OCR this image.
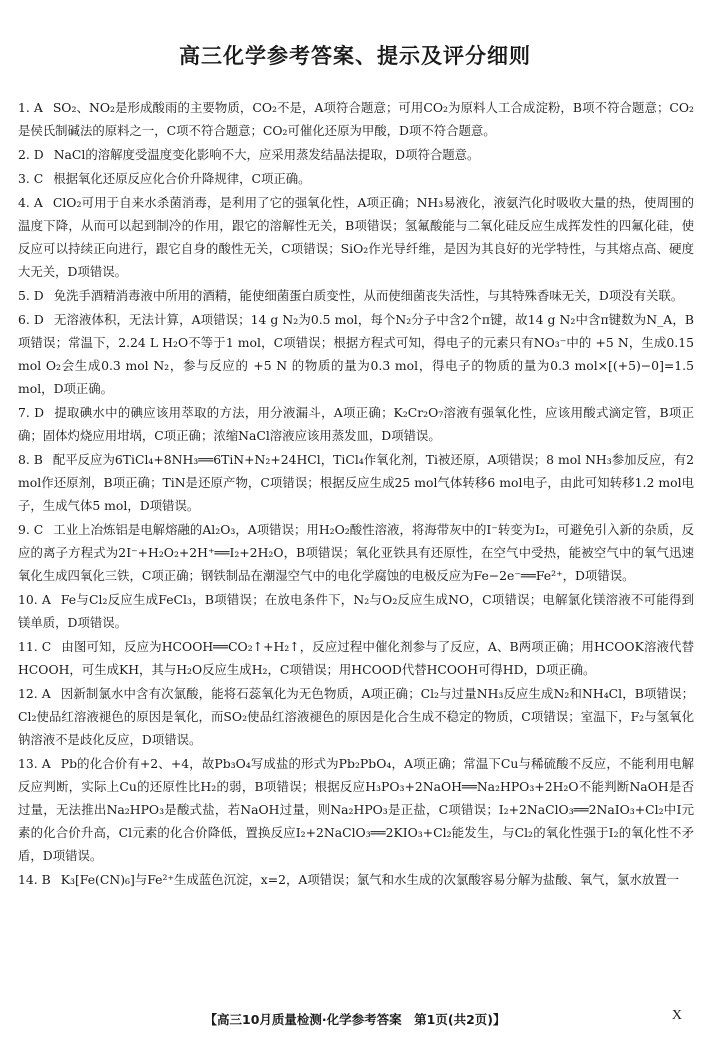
高三化学参考答案、提示及评分细则
1. A SO₂、NO₂是形成酸雨的主要物质，CO₂不是，A项符合题意；可用CO₂为原料人工合成淀粉，B项不符合题意；CO₂是侯氏制碱法的原料之一，C项不符合题意；CO₂可催化还原为甲酸，D项不符合题意。
2. D NaCl的溶解度受温度变化影响不大，应采用蒸发结晶法提取，D项符合题意。
3. C 根据氧化还原反应化合价升降规律，C项正确。
4. A ClO₂可用于自来水杀菌消毒，是利用了它的强氧化性，A项正确；NH₃易液化，液氨汽化时吸收大量的热，使周围的温度下降，从而可以起到制冷的作用，跟它的溶解性无关，B项错误；氢氟酸能与二氧化硅反应生成挥发性的四氟化硅，使反应可以持续正向进行，跟它自身的酸性无关，C项错误；SiO₂作光导纤维，是因为其良好的光学特性，与其熔点高、硬度大无关，D项错误。
5. D 免洗手酒精消毒液中所用的酒精，能使细菌蛋白质变性，从而使细菌丧失活性，与其特殊香味无关，D项没有关联。
6. D 无溶液体积，无法计算，A项错误；14 g N₂为0.5 mol，每个N₂分子中含2个π键，故14 g N₂中含π键数为N_A，B项错误；常温下，2.24 L H₂O不等于1 mol，C项错误；根据方程式可知，得电子的元素只有NO₃⁻中的 +5 N，生成0.15 mol O₂会生成0.3 mol N₂，参与反应的 +5 N 的物质的量为0.3 mol，得电子的物质的量为0.3 mol×[(+5)−0]=1.5 mol，D项正确。
7. D 提取碘水中的碘应该用萃取的方法，用分液漏斗，A项正确；K₂Cr₂O₇溶液有强氧化性，应该用酸式滴定管，B项正确；固体灼烧应用坩埚，C项正确；浓缩NaCl溶液应该用蒸发皿，D项错误。
8. B 配平反应为6TiCl₄+8NH₃══6TiN+N₂+24HCl，TiCl₄作氧化剂，Ti被还原，A项错误；8 mol NH₃参加反应，有2 mol作还原剂，B项正确；TiN是还原产物，C项错误；根据反应生成25 mol气体转移6 mol电子，由此可知转移1.2 mol电子，生成气体5 mol，D项错误。
9. C 工业上冶炼铝是电解熔融的Al₂O₃，A项错误；用H₂O₂酸性溶液，将海带灰中的I⁻转变为I₂，可避免引入新的杂质，反应的离子方程式为2I⁻+H₂O₂+2H⁺══I₂+2H₂O，B项错误；氧化亚铁具有还原性，在空气中受热，能被空气中的氧气迅速氧化生成四氧化三铁，C项正确；钢铁制品在潮湿空气中的电化学腐蚀的电极反应为Fe−2e⁻══Fe²⁺，D项错误。
10. A Fe与Cl₂反应生成FeCl₃，B项错误；在放电条件下，N₂与O₂反应生成NO，C项错误；电解氯化镁溶液不可能得到镁单质，D项错误。
11. C 由图可知，反应为HCOOH══CO₂↑+H₂↑，反应过程中催化剂参与了反应，A、B两项正确；用HCOOK溶液代替HCOOH，可生成KH，其与H₂O反应生成H₂，C项错误；用HCOOD代替HCOOH可得HD，D项正确。
12. A 因新制氯水中含有次氯酸，能将石蕊氧化为无色物质，A项正确；Cl₂与过量NH₃反应生成N₂和NH₄Cl，B项错误；Cl₂使品红溶液褪色的原因是氧化，而SO₂使品红溶液褪色的原因是化合生成不稳定的物质，C项错误；室温下，F₂与氢氧化钠溶液不是歧化反应，D项错误。
13. A Pb的化合价有+2、+4，故Pb₃O₄写成盐的形式为Pb₂PbO₄，A项正确；常温下Cu与稀硫酸不反应，不能利用电解反应判断，实际上Cu的还原性比H₂的弱，B项错误；根据反应H₃PO₃+2NaOH══Na₂HPO₃+2H₂O不能判断NaOH是否过量，无法推出Na₂HPO₃是酸式盐，若NaOH过量，则Na₂HPO₃是正盐，C项错误；I₂+2NaClO₃══2NaIO₃+Cl₂中I元素的化合价升高，Cl元素的化合价降低，置换反应I₂+2NaClO₃══2KIO₃+Cl₂能发生，与Cl₂的氧化性强于I₂的氧化性不矛盾，D项错误。
14. B K₃[Fe(CN)₆]与Fe²⁺生成蓝色沉淀，x=2，A项错误；氯气和水生成的次氯酸容易分解为盐酸、氧气，氯水放置一
【高三10月质量检测·化学参考答案　第1页(共2页)】	X
